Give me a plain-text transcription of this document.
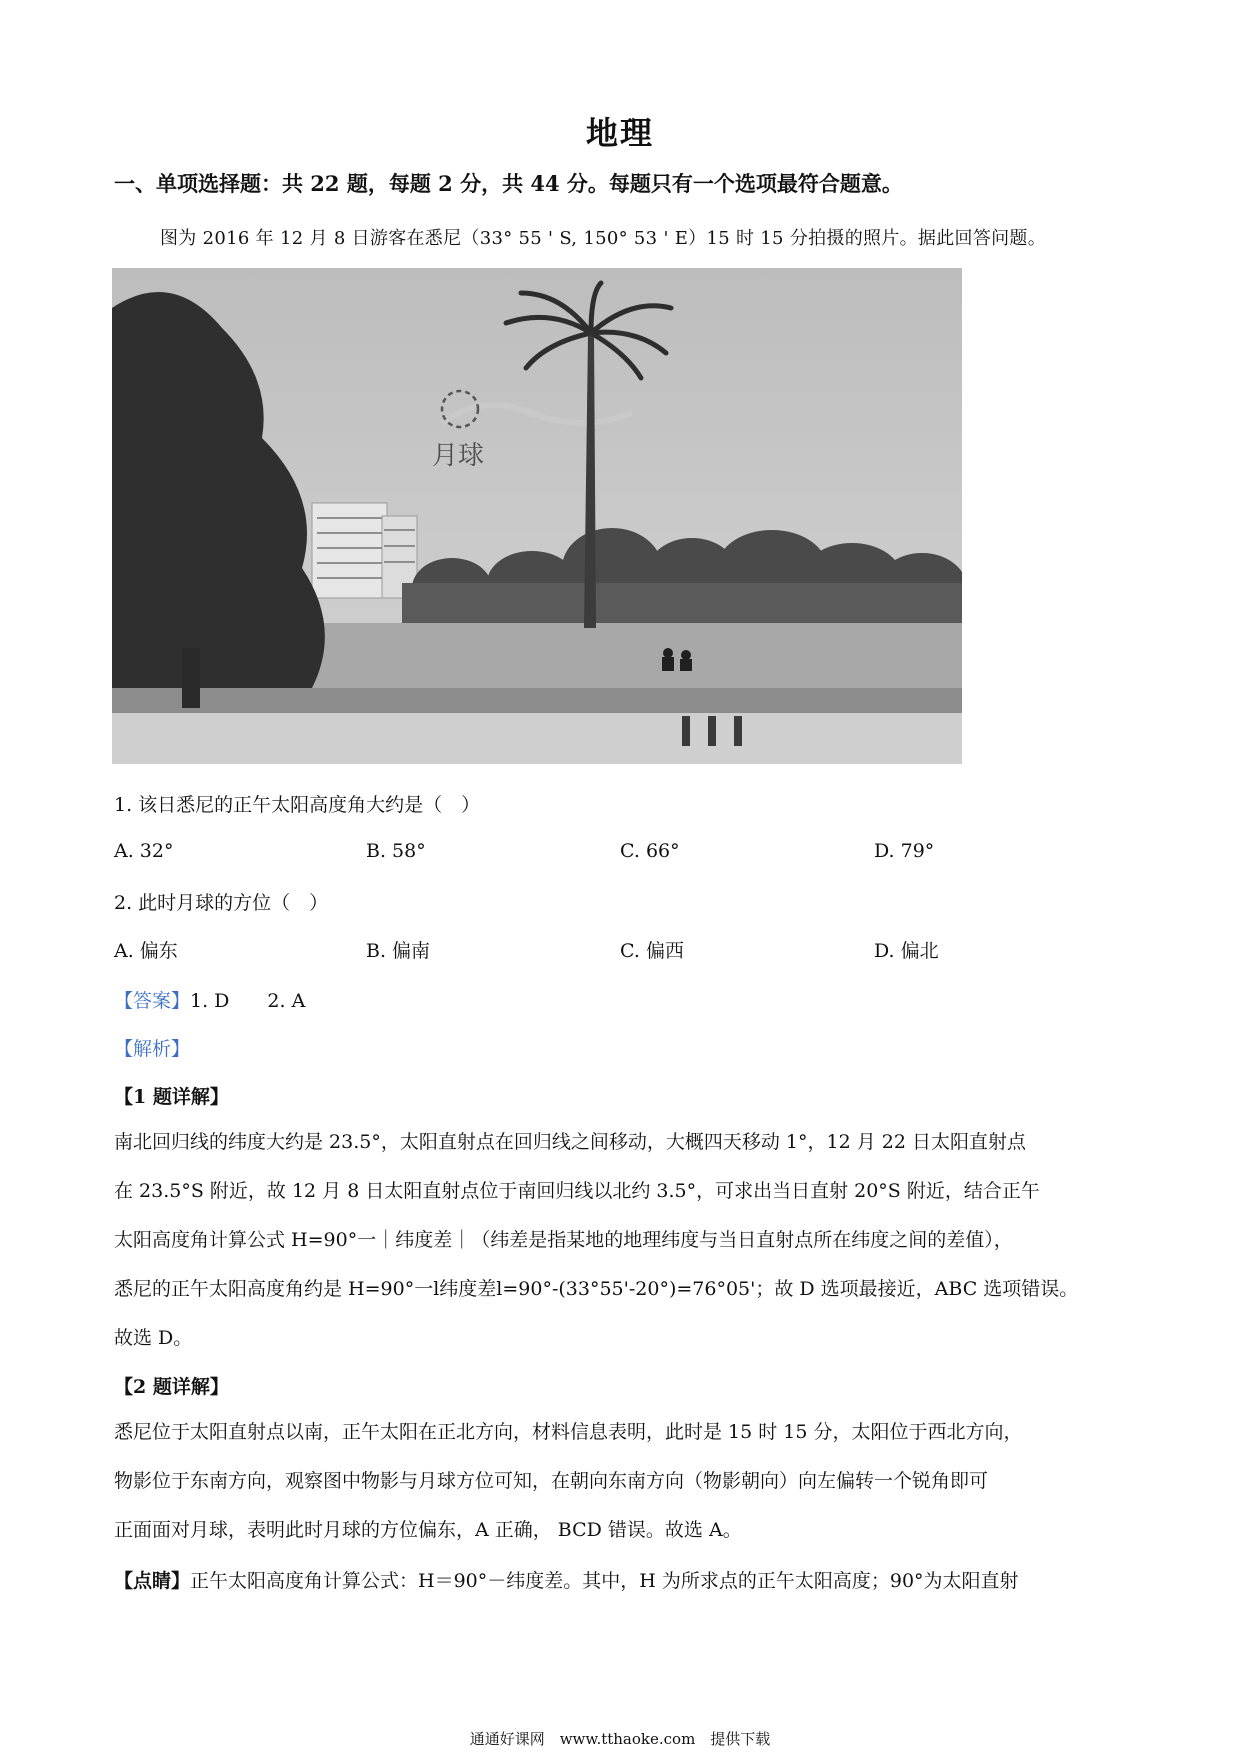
地理
一、单项选择题：共 22 题，每题 2 分，共 44 分。每题只有一个选项最符合题意。
图为 2016 年 12 月 8 日游客在悉尼（33° 55 ' S, 150° 53 ' E）15 时 15 分拍摄的照片。据此回答问题。
月球
1. 该日悉尼的正午太阳高度角大约是（　）
A. 32°	B. 58°	C. 66°	D. 79°
2. 此时月球的方位（　）
A. 偏东	B. 偏南	C. 偏西	D. 偏北
【答案】1. D　　2. A
【解析】
【1 题详解】
南北回归线的纬度大约是 23.5°，太阳直射点在回归线之间移动，大概四天移动 1°，12 月 22 日太阳直射点
在 23.5°S 附近，故 12 月 8 日太阳直射点位于南回归线以北约 3.5°，可求出当日直射 20°S 附近，结合正午
太阳高度角计算公式 H=90°一｜纬度差｜（纬差是指某地的地理纬度与当日直射点所在纬度之间的差值），
悉尼的正午太阳高度角约是 H=90°一l纬度差l=90°-(33°55'-20°)=76°05'；故 D 选项最接近，ABC 选项错误。
故选 D。
【2 题详解】
悉尼位于太阳直射点以南，正午太阳在正北方向，材料信息表明，此时是 15 时 15 分，太阳位于西北方向，
物影位于东南方向，观察图中物影与月球方位可知，在朝向东南方向（物影朝向）向左偏转一个锐角即可
正面面对月球，表明此时月球的方位偏东，A 正确， BCD 错误。故选 A。
【点睛】正午太阳高度角计算公式：H＝90°－纬度差。其中，H 为所求点的正午太阳高度；90°为太阳直射
通通好课网　www.tthaoke.com　提供下载
